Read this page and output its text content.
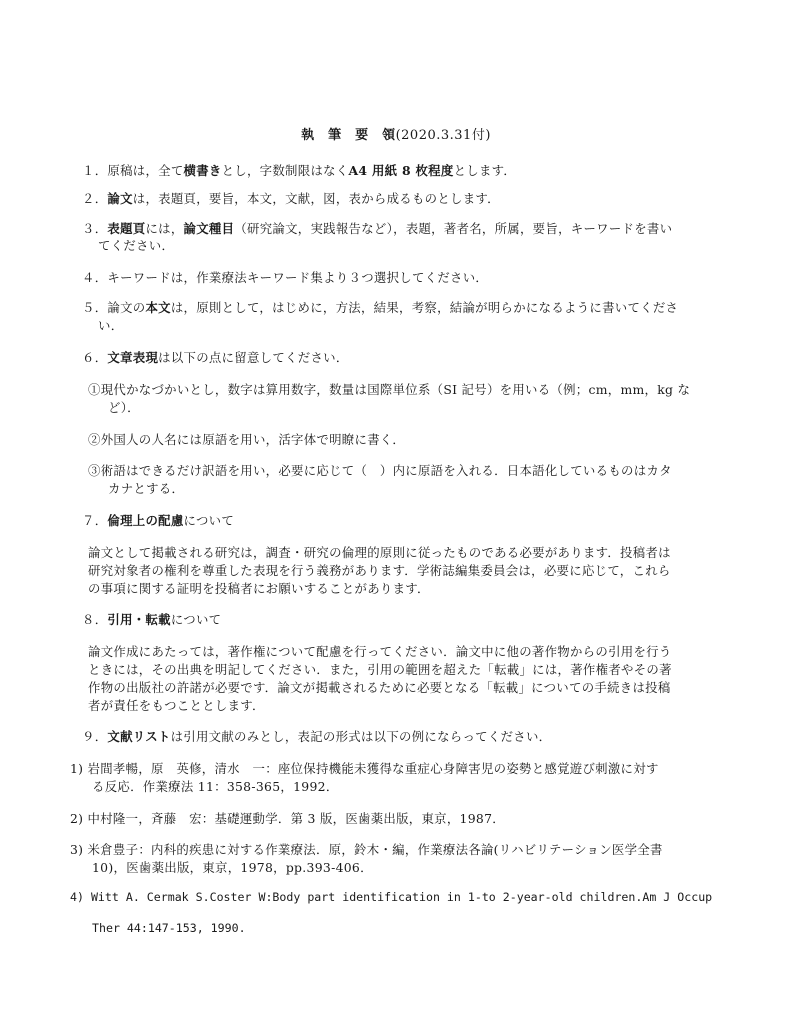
執　筆　要　領(2020.3.31付)
１．原稿は，全て横書きとし，字数制限はなくA4 用紙 8 枚程度とします．
２．論文は，表題頁，要旨，本文，文献，図，表から成るものとします．
３．表題頁には，論文種目（研究論文，実践報告など），表題，著者名，所属，要旨，キーワードを書い
てください．
４．キーワードは，作業療法キーワード集より３つ選択してください．
５．論文の本文は，原則として，はじめに，方法，結果，考察，結論が明らかになるように書いてくださ
い．
６．文章表現は以下の点に留意してください．
①現代かなづかいとし，数字は算用数字，数量は国際単位系（SI 記号）を用いる（例；cm，mm，kg な
ど）．
②外国人の人名には原語を用い，活字体で明瞭に書く．
③術語はできるだけ訳語を用い，必要に応じて（　）内に原語を入れる．日本語化しているものはカタ
カナとする．
７．倫理上の配慮について
論文として掲載される研究は，調査・研究の倫理的原則に従ったものである必要があります．投稿者は
研究対象者の権利を尊重した表現を行う義務があります．学術誌編集委員会は，必要に応じて，これら
の事項に関する証明を投稿者にお願いすることがあります．
８．引用・転載について
論文作成にあたっては，著作権について配慮を行ってください．論文中に他の著作物からの引用を行う
ときには，その出典を明記してください．また，引用の範囲を超えた「転載」には，著作権者やその著
作物の出版社の許諾が必要です．論文が掲載されるために必要となる「転載」についての手続きは投稿
者が責任をもつこととします．
９．文献リストは引用文献のみとし，表記の形式は以下の例にならってください．
1) 岩間孝暢，原　英修，清水　一：座位保持機能未獲得な重症心身障害児の姿勢と感覚遊び刺激に対す
る反応．作業療法 11：358-365，1992．
2) 中村隆一，斉藤　宏：基礎運動学．第 3 版，医歯薬出版，東京，1987．
3) 米倉豊子：内科的疾患に対する作業療法．原，鈴木・編，作業療法各論(リハビリテーション医学全書
10)，医歯薬出版，東京，1978，pp.393-406．
4) Witt A. Cermak S.Coster W:Body part identification in 1-to 2-year-old children.Am J Occup
Ther 44:147-153, 1990.
